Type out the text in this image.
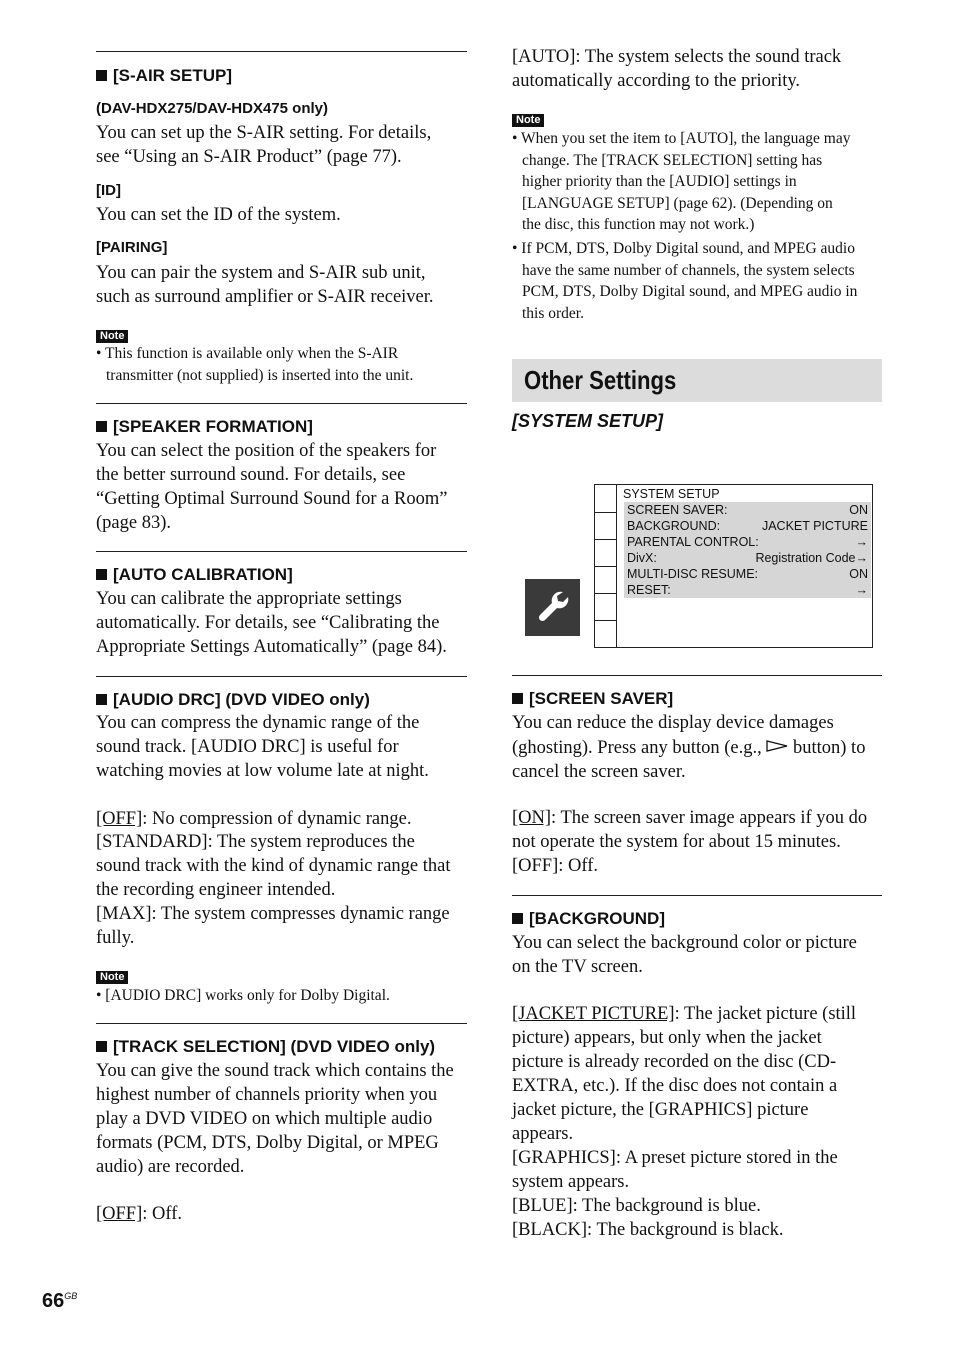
[S-AIR SETUP]
(DAV-HDX275/DAV-HDX475 only)
You can set up the S-AIR setting. For details,
see “Using an S-AIR Product” (page 77).
[ID]
You can set the ID of the system.
[PAIRING]
You can pair the system and S-AIR sub unit,
such as surround amplifier or S-AIR receiver.
Note
• This function is available only when the S-AIR
transmitter (not supplied) is inserted into the unit.
[SPEAKER FORMATION]
You can select the position of the speakers for
the better surround sound. For details, see
“Getting Optimal Surround Sound for a Room”
(page 83).
[AUTO CALIBRATION]
You can calibrate the appropriate settings
automatically. For details, see “Calibrating the
Appropriate Settings Automatically” (page 84).
[AUDIO DRC] (DVD VIDEO only)
You can compress the dynamic range of the
sound track. [AUDIO DRC] is useful for
watching movies at low volume late at night.
[OFF]: No compression of dynamic range.
[STANDARD]: The system reproduces the
sound track with the kind of dynamic range that
the recording engineer intended.
[MAX]: The system compresses dynamic range
fully.
Note
• [AUDIO DRC] works only for Dolby Digital.
[TRACK SELECTION] (DVD VIDEO only)
You can give the sound track which contains the
highest number of channels priority when you
play a DVD VIDEO on which multiple audio
formats (PCM, DTS, Dolby Digital, or MPEG
audio) are recorded.
[OFF]: Off.
[AUTO]: The system selects the sound track
automatically according to the priority.
Note
• When you set the item to [AUTO], the language may
change. The [TRACK SELECTION] setting has
higher priority than the [AUDIO] settings in
[LANGUAGE SETUP] (page 62). (Depending on
the disc, this function may not work.)
• If PCM, DTS, Dolby Digital sound, and MPEG audio
have the same number of channels, the system selects
PCM, DTS, Dolby Digital sound, and MPEG audio in
this order.
Other Settings
[SYSTEM SETUP]
SYSTEM SETUP
SCREEN SAVER:	ON
BACKGROUND:	JACKET PICTURE
PARENTAL CONTROL:	→
DivX:	Registration Code→
MULTI-DISC RESUME:	ON
RESET:	→
[SCREEN SAVER]
You can reduce the display device damages
(ghosting). Press any button (e.g.,  button) to
cancel the screen saver.
[ON]: The screen saver image appears if you do
not operate the system for about 15 minutes.
[OFF]: Off.
[BACKGROUND]
You can select the background color or picture
on the TV screen.
[JACKET PICTURE]: The jacket picture (still
picture) appears, but only when the jacket
picture is already recorded on the disc (CD-
EXTRA, etc.). If the disc does not contain a
jacket picture, the [GRAPHICS] picture
appears.
[GRAPHICS]: A preset picture stored in the
system appears.
[BLUE]: The background is blue.
[BLACK]: The background is black.
$66^{GB}$
